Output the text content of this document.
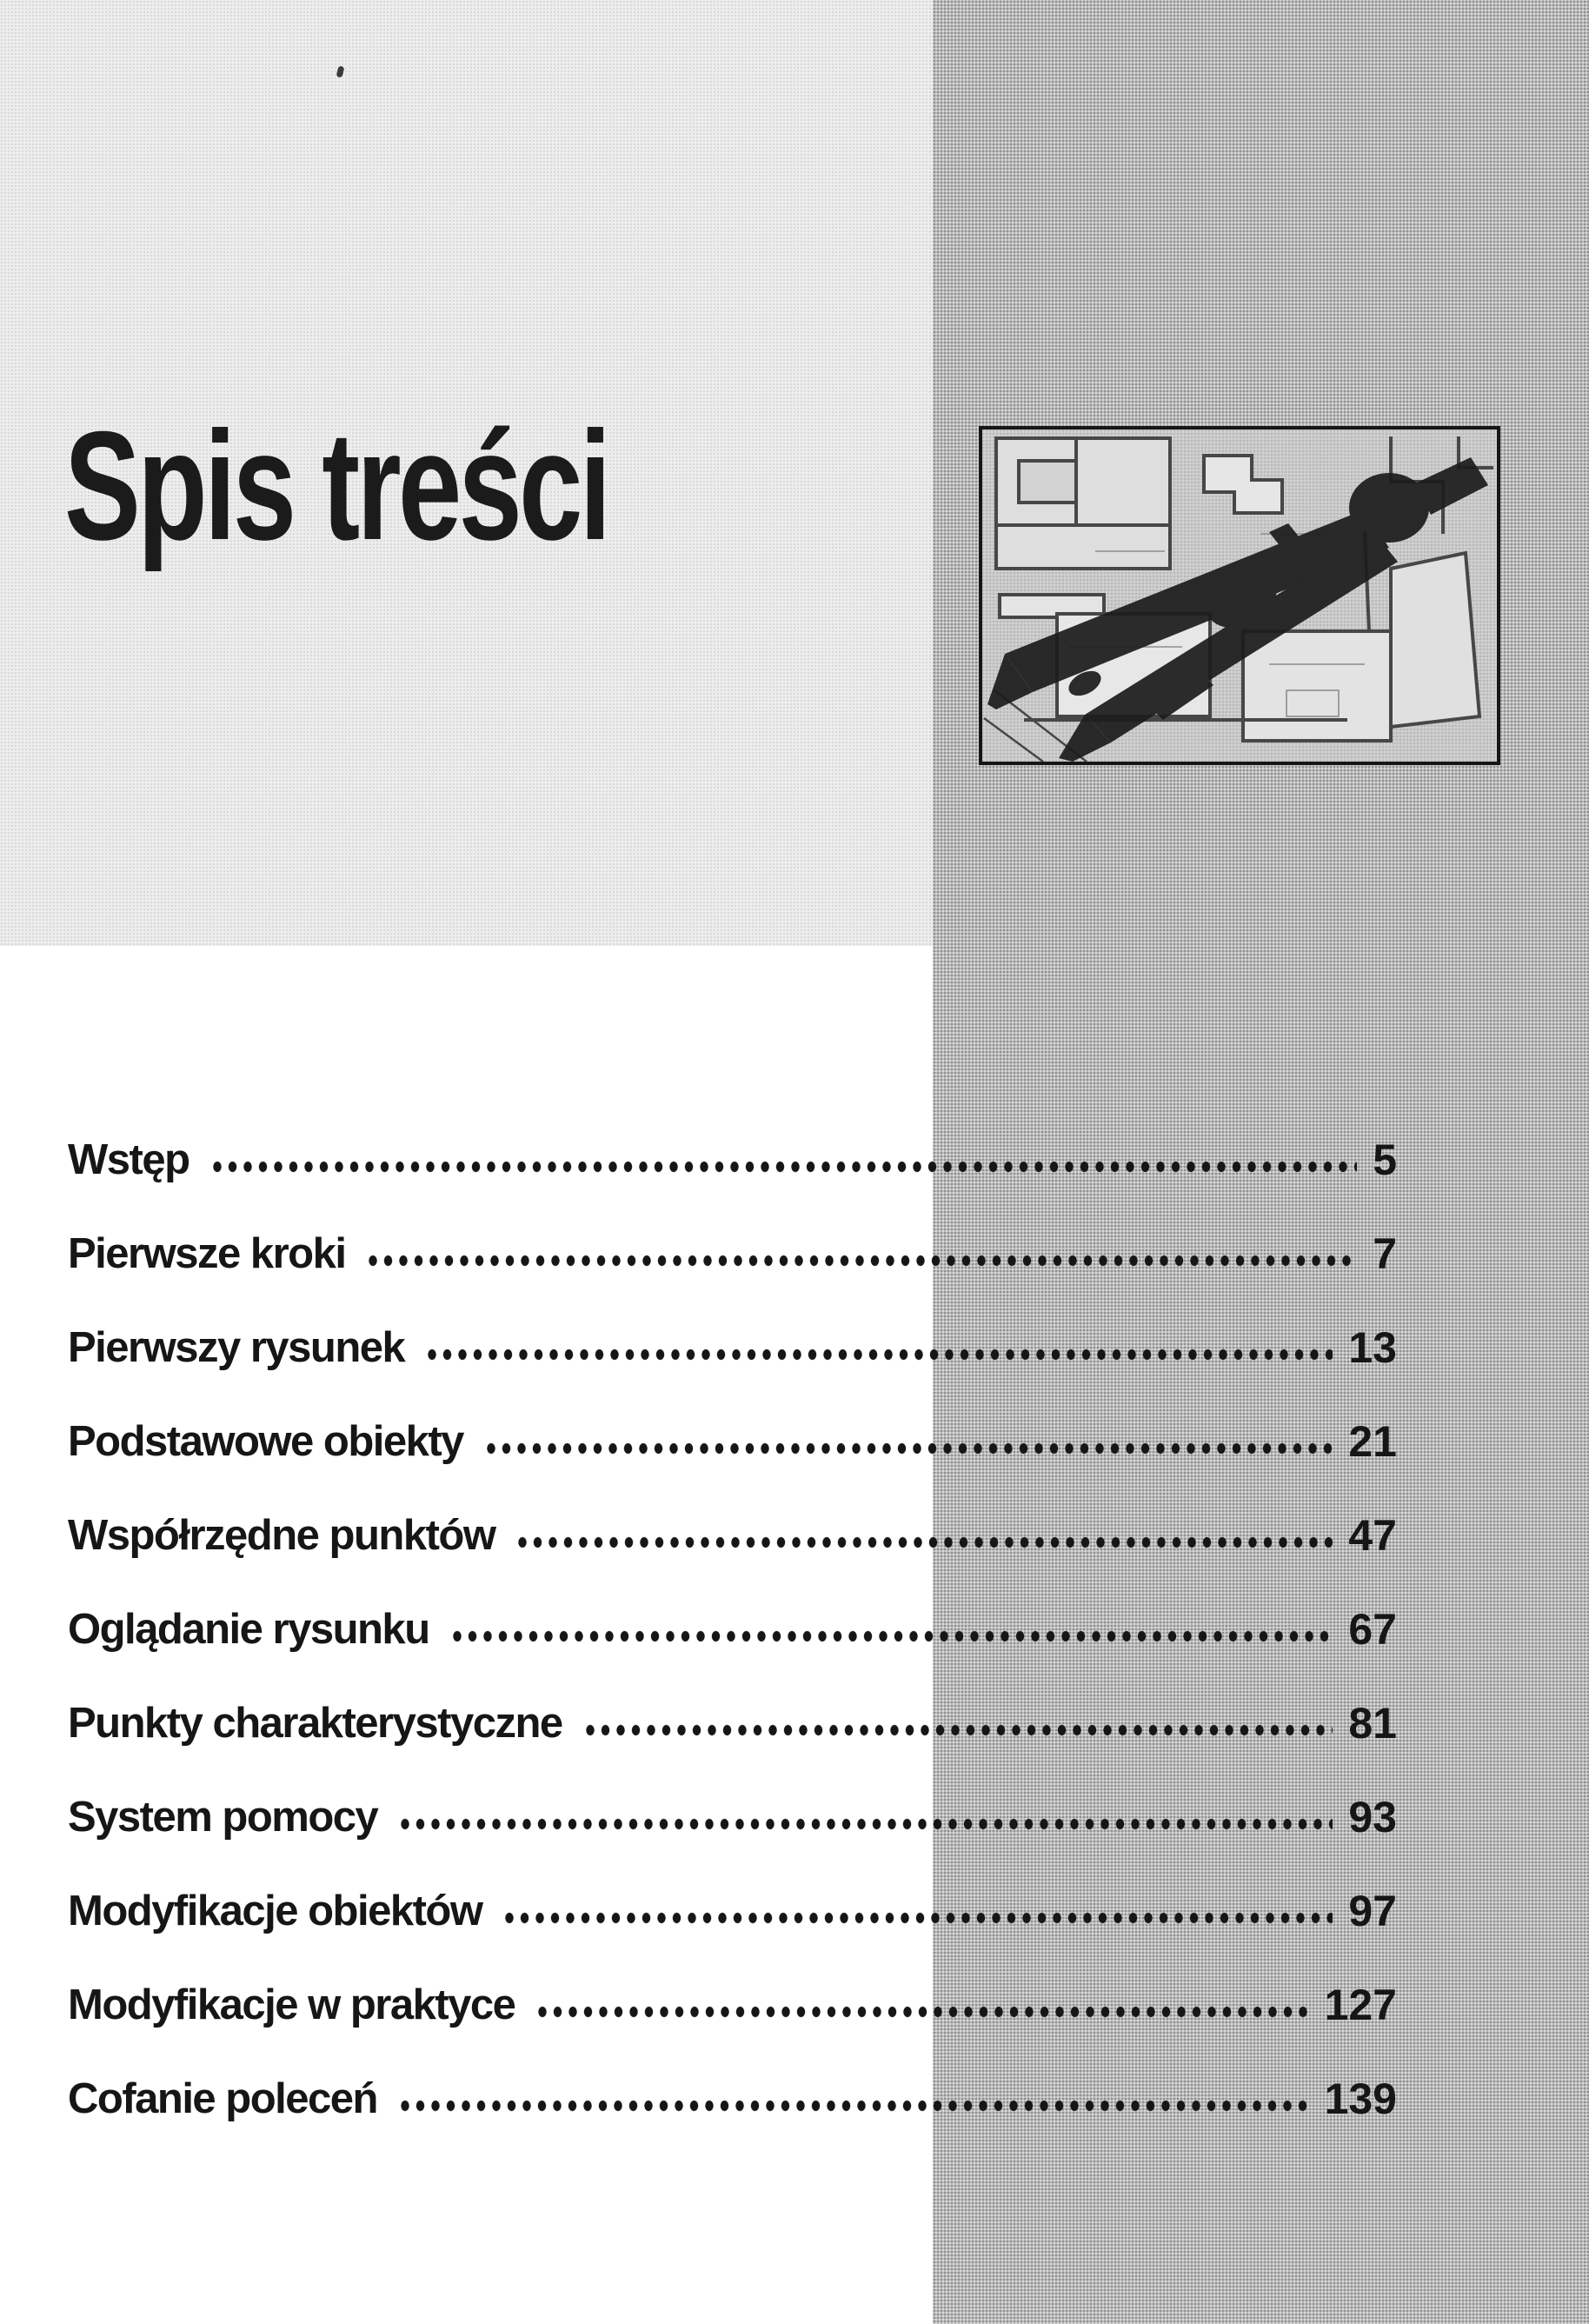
Spis treści
Wstęp	5
Pierwsze kroki	7
Pierwszy rysunek	13
Podstawowe obiekty	21
Współrzędne punktów	47
Oglądanie rysunku	67
Punkty charakterystyczne	81
System pomocy	93
Modyfikacje obiektów	97
Modyfikacje w praktyce	127
Cofanie poleceń	139
